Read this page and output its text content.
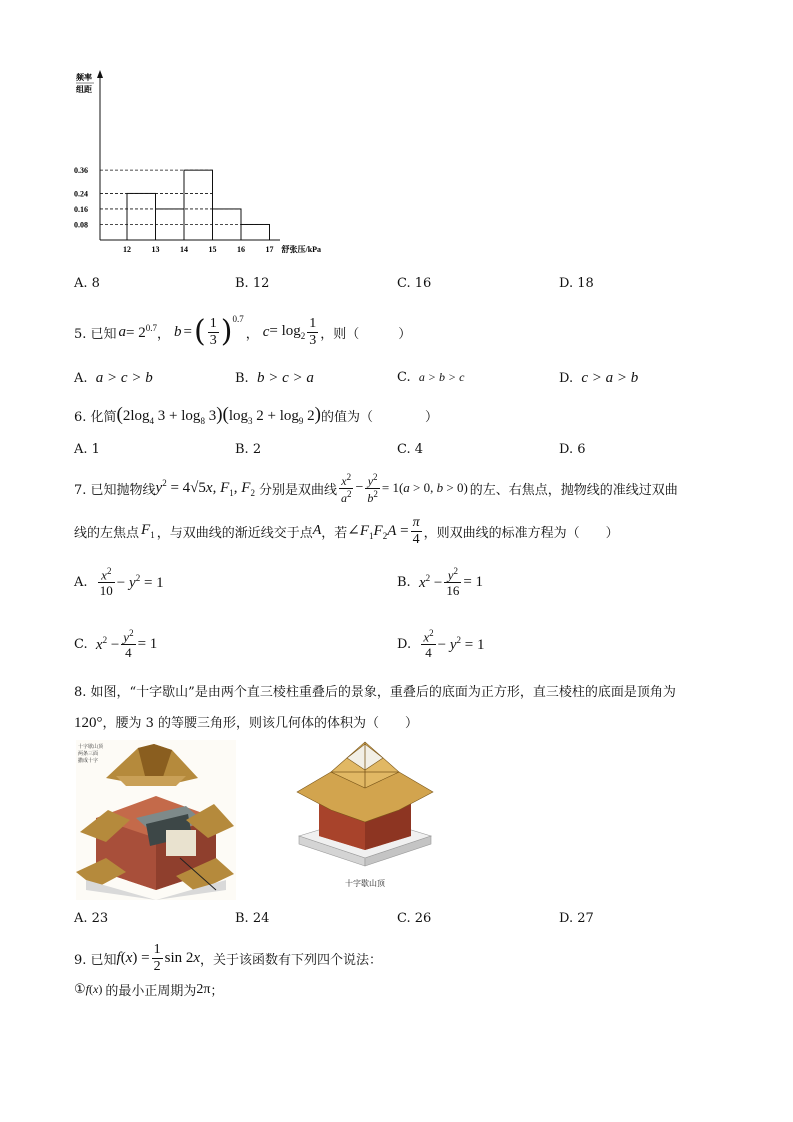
频率
组距
0.36
0.24
0.16
0.08
12	13	14	15	16	17 舒张压/kPa
A. 8	B. 12	C. 16	D. 18
5. 已知 $a = 2^{0.7}$ ， b = ( $\frac{1}{3} )^{0.7}$
， $c = \log_2 \frac{1}{3}$ ，则（　　　）
A. a > c > b	B. b > c > a	C. a > b > c	D. c > a > b
6. 化简 ($2\log_4$ $3 + \log_8 3)(\log_3$ $2 + \log_9 2$) 的值为（　　　　）
A. 1	B. 2	C. 4	D. 6
7. 已知抛物线 $y^2 = 4√5x$, $F_1$, $F_2$ 分别是双曲线 $\frac{x^2}{a^2} - \frac{y^2}{b^2} = 1(a > 0$, b > 0) 的左、右焦点，抛物线的准线过双曲
线的左焦点 $F_1$ ，与双曲线的渐近线交于点 A ，若 $\angle F_1F_2A = \frac{\pi}{4}$ ，则双曲线的标准方程为（　　）
A.
$\frac{x^2}{10} - y^2 = 1$	B.
$x^2 - \frac{y^2}{16} = 1$
C.
$x^2 - \frac{y^2}{4} = 1$	D.
$\frac{x^2}{4} - y^2 = 1$
8. 如图，“十字歇山”是由两个直三棱柱重叠后的景象，重叠后的底面为正方形，直三棱柱的底面是顶角为
120°，腰为 3 的等腰三角形，则该几何体的体积为（　　）
十字歇山顶
两条三面
撒成十字
十字歇山顶
A. 23	B. 24	C. 26	D. 27
9. 已知 $f(x) = \frac{1}{2}$ sin 2x ，关于该函数有下列四个说法：
① f(x) 的最小正周期为 2π ；
